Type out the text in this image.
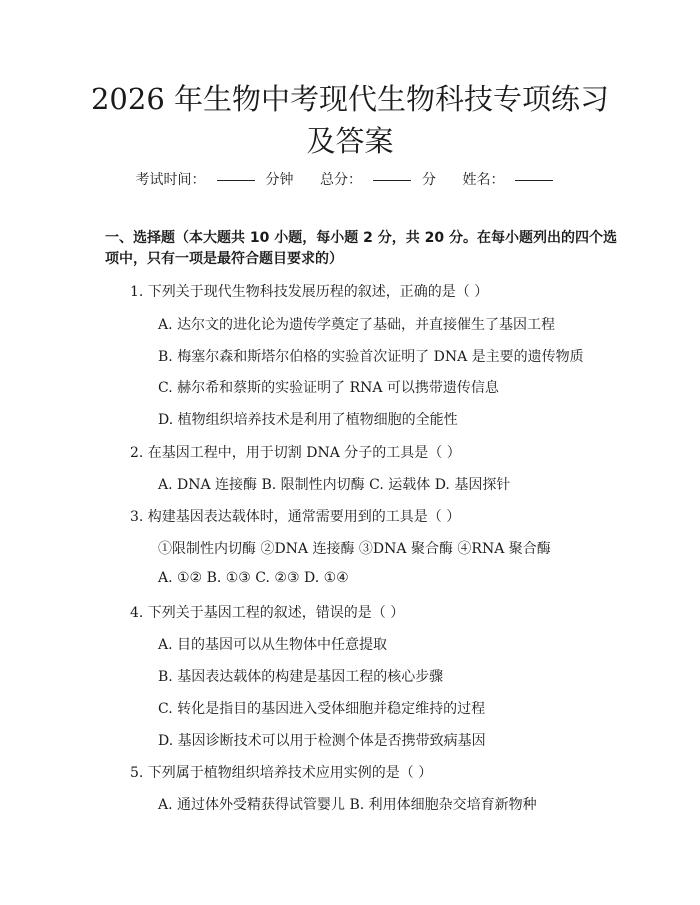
2026 年生物中考现代生物科技专项练习及答案
考试时间：	分钟 总分：	分 姓名：
一、选择题（本大题共 10 小题，每小题 2 分，共 20 分。在每小题列出的四个选项中，只有一项是最符合题目要求的）
1. 下列关于现代生物科技发展历程的叙述，正确的是（ ）
A. 达尔文的进化论为遗传学奠定了基础，并直接催生了基因工程
B. 梅塞尔森和斯塔尔伯格的实验首次证明了 DNA 是主要的遗传物质
C. 赫尔希和蔡斯的实验证明了 RNA 可以携带遗传信息
D. 植物组织培养技术是利用了植物细胞的全能性
2. 在基因工程中，用于切割 DNA 分子的工具是（ ）
A. DNA 连接酶 B. 限制性内切酶 C. 运载体 D. 基因探针
3. 构建基因表达载体时，通常需要用到的工具是（ ）
①限制性内切酶 ②DNA 连接酶 ③DNA 聚合酶 ④RNA 聚合酶
A. ①② B. ①③ C. ②③ D. ①④
4. 下列关于基因工程的叙述，错误的是（ ）
A. 目的基因可以从生物体中任意提取
B. 基因表达载体的构建是基因工程的核心步骤
C. 转化是指目的基因进入受体细胞并稳定维持的过程
D. 基因诊断技术可以用于检测个体是否携带致病基因
5. 下列属于植物组织培养技术应用实例的是（ ）
A. 通过体外受精获得试管婴儿 B. 利用体细胞杂交培育新物种
